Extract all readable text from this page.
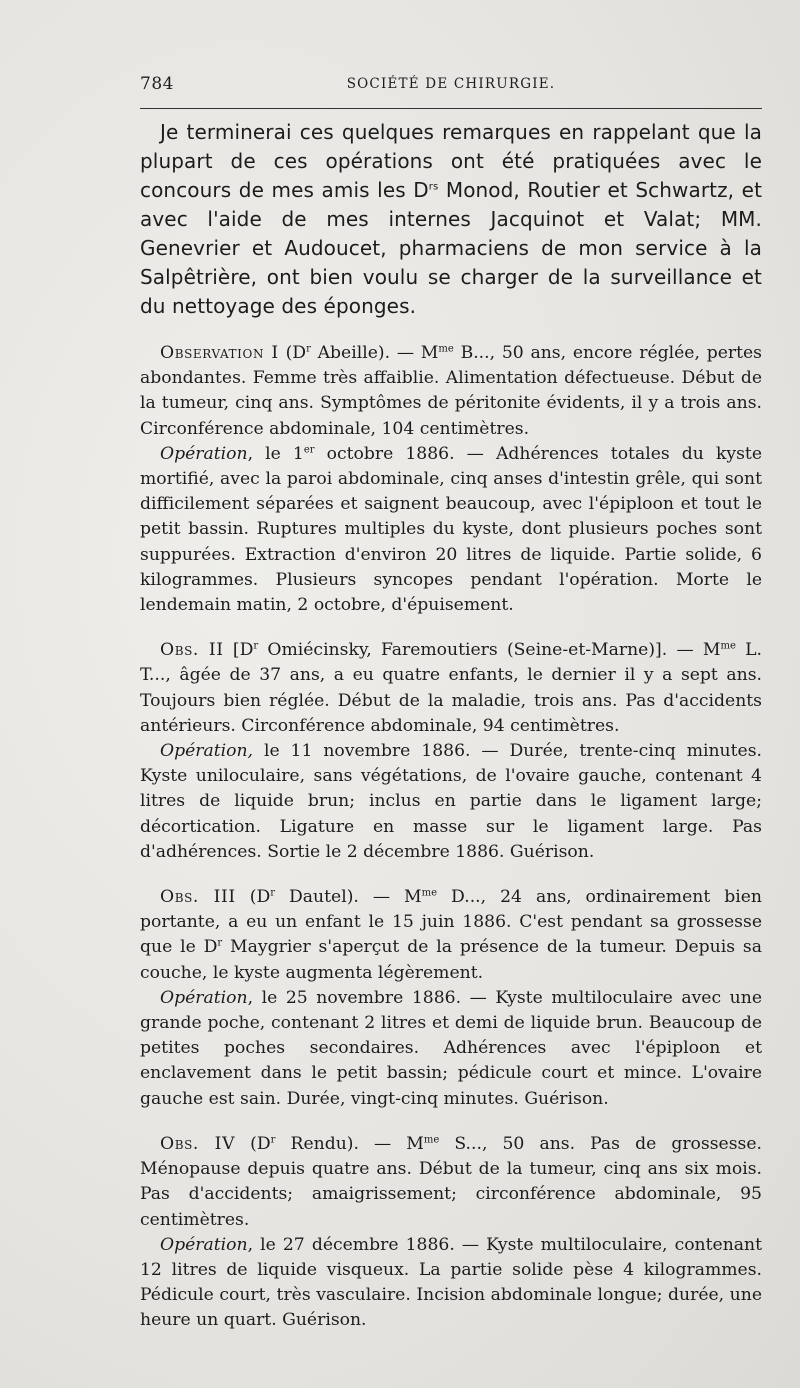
784	SOCIÉTÉ DE CHIRURGIE.

Je terminerai ces quelques remarques en rappelant que la plupart de ces opérations ont été pratiquées avec le concours de mes amis les $D^{rs}$ Monod, Routier et Schwartz, et avec l'aide de mes internes Jacquinot et Valat; MM. Genevrier et Audoucet, pharmaciens de mon service à la Salpêtrière, ont bien voulu se charger de la surveillance et du nettoyage des éponges.

Observation I ($D^r$ Abeille). — $M^{me}$ B..., 50 ans, encore réglée, pertes abondantes. Femme très affaiblie. Alimentation défectueuse. Début de la tumeur, cinq ans. Symptômes de péritonite évidents, il y a trois ans. Circonférence abdominale, 104 centimètres.

Opération, le 1er octobre 1886. — Adhérences totales du kyste mortifié, avec la paroi abdominale, cinq anses d'intestin grêle, qui sont difficilement séparées et saignent beaucoup, avec l'épiploon et tout le petit bassin. Ruptures multiples du kyste, dont plusieurs poches sont suppurées. Extraction d'environ 20 litres de liquide. Partie solide, 6 kilogrammes. Plusieurs syncopes pendant l'opération. Morte le lendemain matin, 2 octobre, d'épuisement.

Obs. II [$D^r$ Omiécinsky, Faremoutiers (Seine-et-Marne)]. — $M^{me}$ L. T..., âgée de 37 ans, a eu quatre enfants, le dernier il y a sept ans. Toujours bien réglée. Début de la maladie, trois ans. Pas d'accidents antérieurs. Circonférence abdominale, 94 centimètres.

Opération, le 11 novembre 1886. — Durée, trente-cinq minutes. Kyste uniloculaire, sans végétations, de l'ovaire gauche, contenant 4 litres de liquide brun; inclus en partie dans le ligament large; décortication. Ligature en masse sur le ligament large. Pas d'adhérences. Sortie le 2 décembre 1886. Guérison.

Obs. III ($D^r$ Dautel). — $M^{me}$ D..., 24 ans, ordinairement bien portante, a eu un enfant le 15 juin 1886. C'est pendant sa grossesse que le $D^r$ Maygrier s'aperçut de la présence de la tumeur. Depuis sa couche, le kyste augmenta légèrement.

Opération, le 25 novembre 1886. — Kyste multiloculaire avec une grande poche, contenant 2 litres et demi de liquide brun. Beaucoup de petites poches secondaires. Adhérences avec l'épiploon et enclavement dans le petit bassin; pédicule court et mince. L'ovaire gauche est sain. Durée, vingt-cinq minutes. Guérison.

Obs. IV ($D^r$ Rendu). — $M^{me}$ S..., 50 ans. Pas de grossesse. Ménopause depuis quatre ans. Début de la tumeur, cinq ans six mois. Pas d'accidents; amaigrissement; circonférence abdominale, 95 centimètres.

Opération, le 27 décembre 1886. — Kyste multiloculaire, contenant 12 litres de liquide visqueux. La partie solide pèse 4 kilogrammes. Pédicule court, très vasculaire. Incision abdominale longue; durée, une heure un quart. Guérison.
